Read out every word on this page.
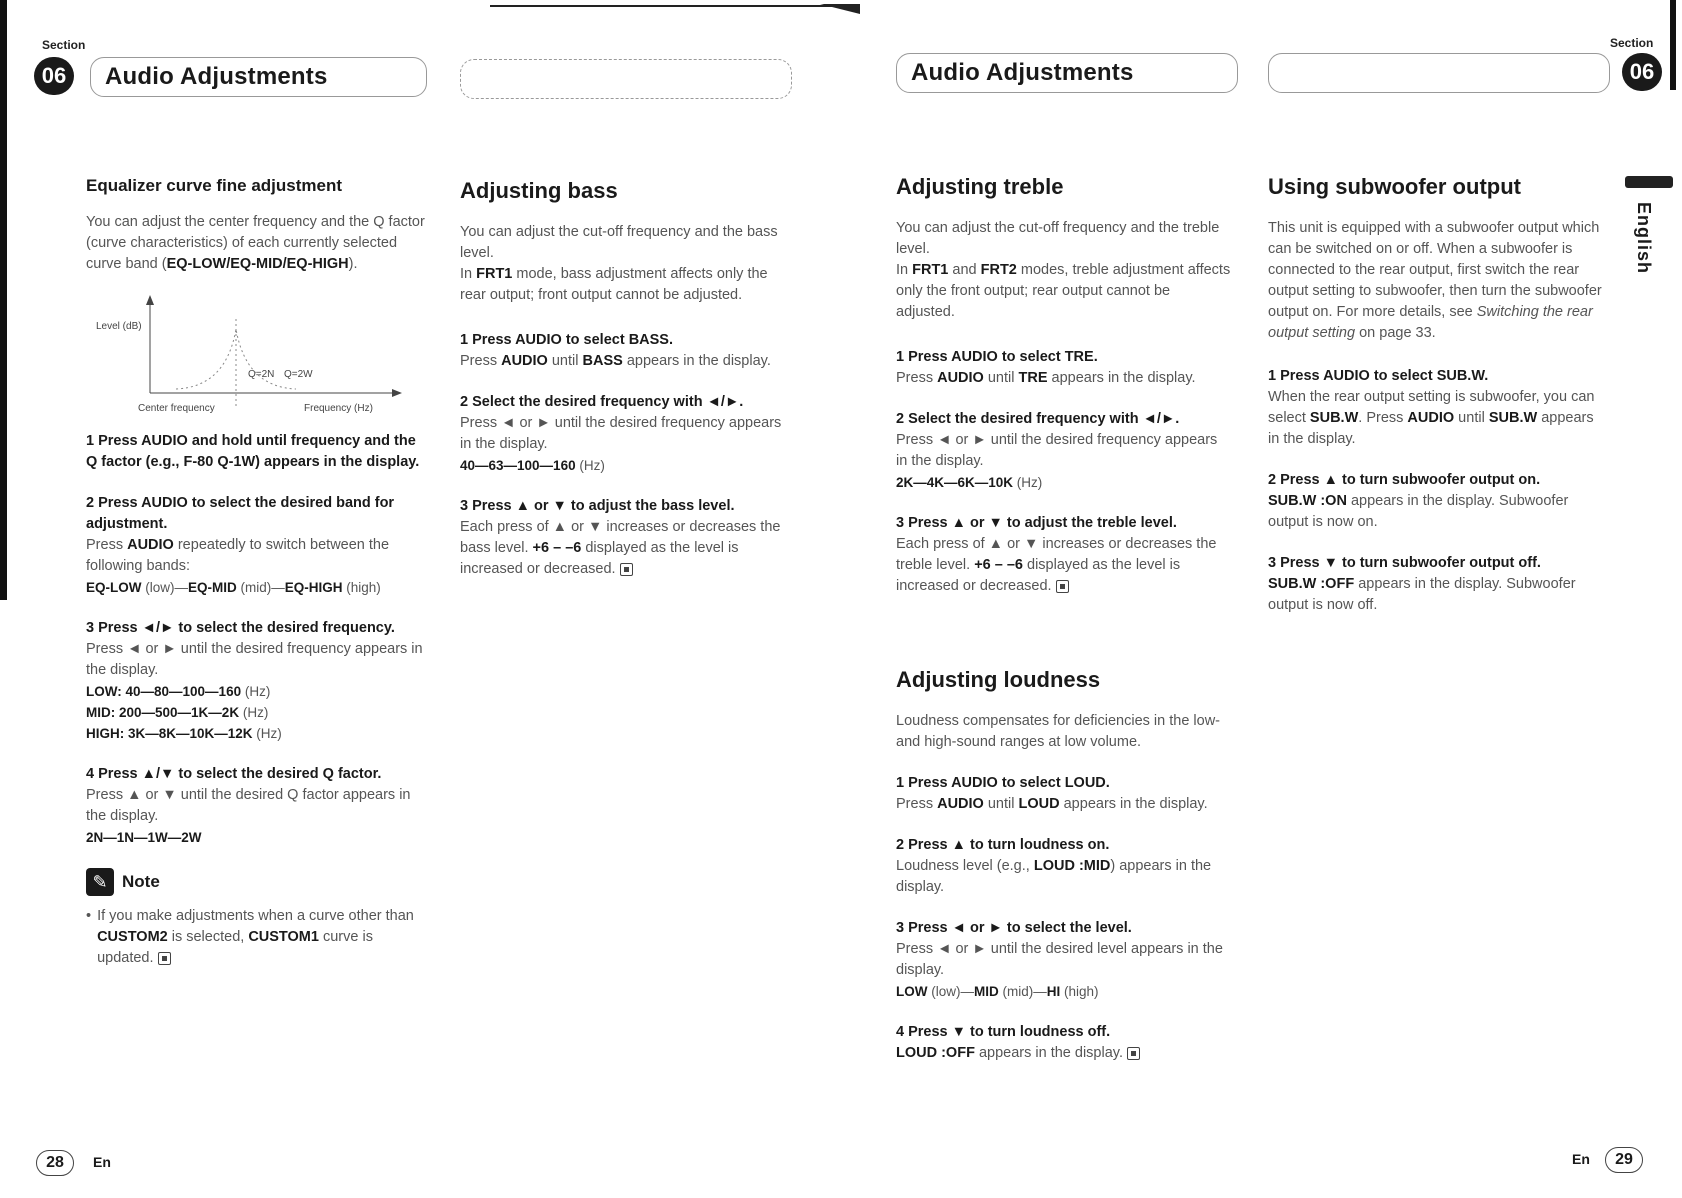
Section
06	Audio Adjustments	Audio Adjustments
Section
06
English
Equalizer curve fine adjustment

You can adjust the center frequency and the Q factor (curve characteristics) of each currently selected curve band (EQ-LOW/EQ-MID/EQ-HIGH).

Level (dB)
Frequency (Hz)
Center frequency
Q=2N Q=2W

1 Press AUDIO and hold until frequency and the Q factor (e.g., F-80 Q-1W) appears in the display.

2 Press AUDIO to select the desired band for adjustment.

Press AUDIO repeatedly to switch between the following bands:

EQ-LOW (low)—EQ-MID (mid)—EQ-HIGH (high)

3 Press ◄/► to select the desired frequency.

Press ◄ or ► until the desired frequency appears in the display.

LOW: 40—80—100—160 (Hz)

MID: 200—500—1K—2K (Hz)

HIGH: 3K—8K—10K—12K (Hz)

4 Press ▲/▼ to select the desired Q factor.

Press ▲ or ▼ until the desired Q factor appears in the display.

2N—1N—1W—2W

✎ Note
• If you make adjustments when a curve other than CUSTOM2 is selected, CUSTOM1 curve is updated.

Adjusting bass

You can adjust the cut-off frequency and the bass level.

In FRT1 mode, bass adjustment affects only the rear output; front output cannot be adjusted.

1 Press AUDIO to select BASS.

Press AUDIO until BASS appears in the display.

2 Select the desired frequency with ◄/►.

Press ◄ or ► until the desired frequency appears in the display.

40—63—100—160 (Hz)

3 Press ▲ or ▼ to adjust the bass level.

Each press of ▲ or ▼ increases or decreases the bass level. +6 – –6 displayed as the level is increased or decreased.

Adjusting treble

You can adjust the cut-off frequency and the treble level.

In FRT1 and FRT2 modes, treble adjustment affects only the front output; rear output cannot be adjusted.

1 Press AUDIO to select TRE.

Press AUDIO until TRE appears in the display.

2 Select the desired frequency with ◄/►.

Press ◄ or ► until the desired frequency appears in the display.

2K—4K—6K—10K (Hz)

3 Press ▲ or ▼ to adjust the treble level.

Each press of ▲ or ▼ increases or decreases the treble level. +6 – –6 displayed as the level is increased or decreased.

Adjusting loudness

Loudness compensates for deficiencies in the low- and high-sound ranges at low volume.

1 Press AUDIO to select LOUD.

Press AUDIO until LOUD appears in the display.

2 Press ▲ to turn loudness on.

Loudness level (e.g., LOUD :MID) appears in the display.

3 Press ◄ or ► to select the level.

Press ◄ or ► until the desired level appears in the display.

LOW (low)—MID (mid)—HI (high)

4 Press ▼ to turn loudness off.

LOUD :OFF appears in the display.

Using subwoofer output

This unit is equipped with a subwoofer output which can be switched on or off. When a subwoofer is connected to the rear output, first switch the rear output setting to subwoofer, then turn the subwoofer output on. For more details, see Switching the rear output setting on page 33.

1 Press AUDIO to select SUB.W.

When the rear output setting is subwoofer, you can select SUB.W. Press AUDIO until SUB.W appears in the display.

2 Press ▲ to turn subwoofer output on.

SUB.W :ON appears in the display. Subwoofer output is now on.

3 Press ▼ to turn subwoofer output off.

SUB.W :OFF appears in the display. Subwoofer output is now off.

28	En	En	29
